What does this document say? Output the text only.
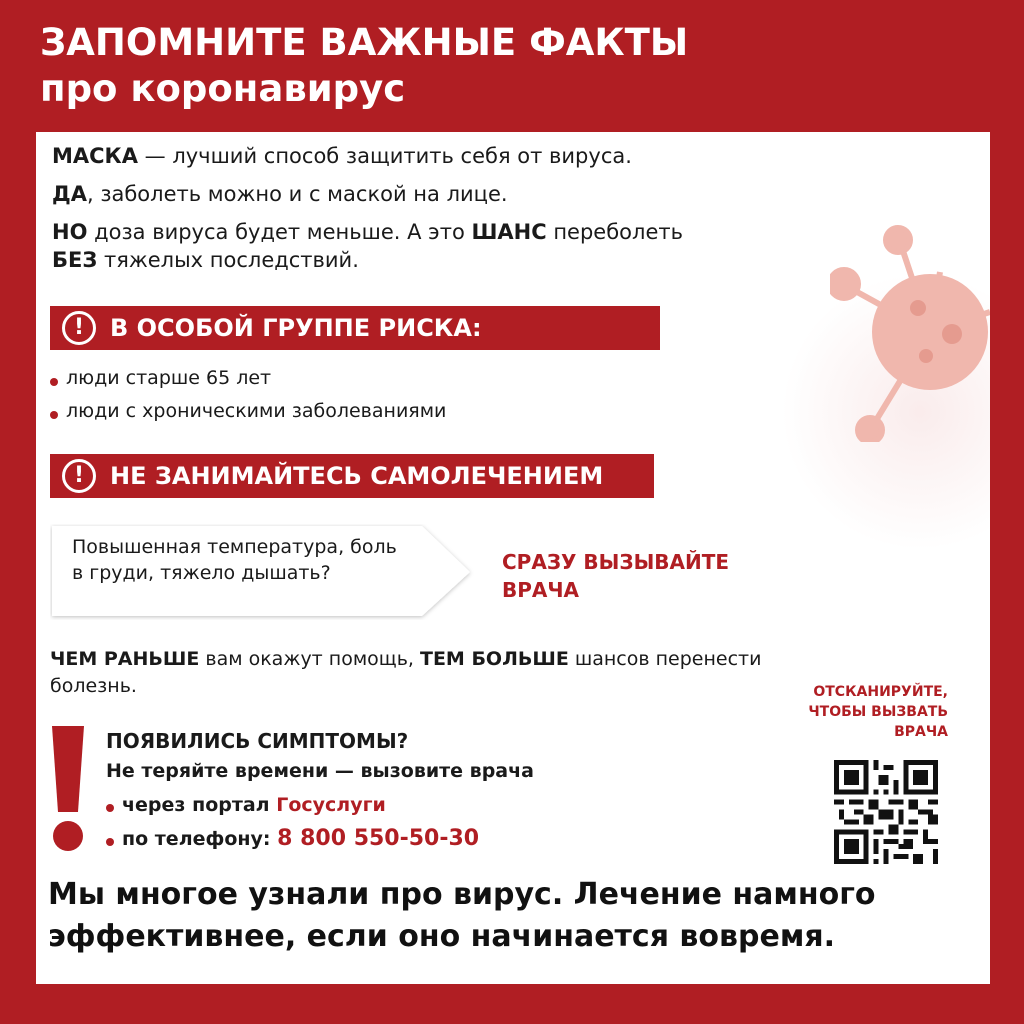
ЗАПОМНИТЕ ВАЖНЫЕ ФАКТЫ
про коронавирус

МАСКА — лучший способ защитить себя от вируса.

ДА, заболеть можно и с маской на лице.

НО доза вируса будет меньше. А это ШАНС переболеть

БЕЗ тяжелых последствий.

!	В ОСОБОЙ ГРУППЕ РИСКА:
люди старше 65 лет
люди с хроническими заболеваниями
!	НЕ ЗАНИМАЙТЕСЬ САМОЛЕЧЕНИЕМ
Повышенная температура, боль в груди, тяжело дышать?	СРАЗУ ВЫЗЫВАЙТЕ
ВРАЧА
ЧЕМ РАНЬШЕ вам окажут помощь, ТЕМ БОЛЬШЕ шансов перенести болезнь.
ПОЯВИЛИСЬ СИМПТОМЫ?
Не теряйте времени — вызовите врача
через портал
Госуслуги
по телефону:
8 800 550-50-30
ОТСКАНИРУЙТЕ,
ЧТОБЫ ВЫЗВАТЬ
ВРАЧА
Мы многое узнали про вирус. Лечение намного
эффективнее, если оно начинается вовремя.
